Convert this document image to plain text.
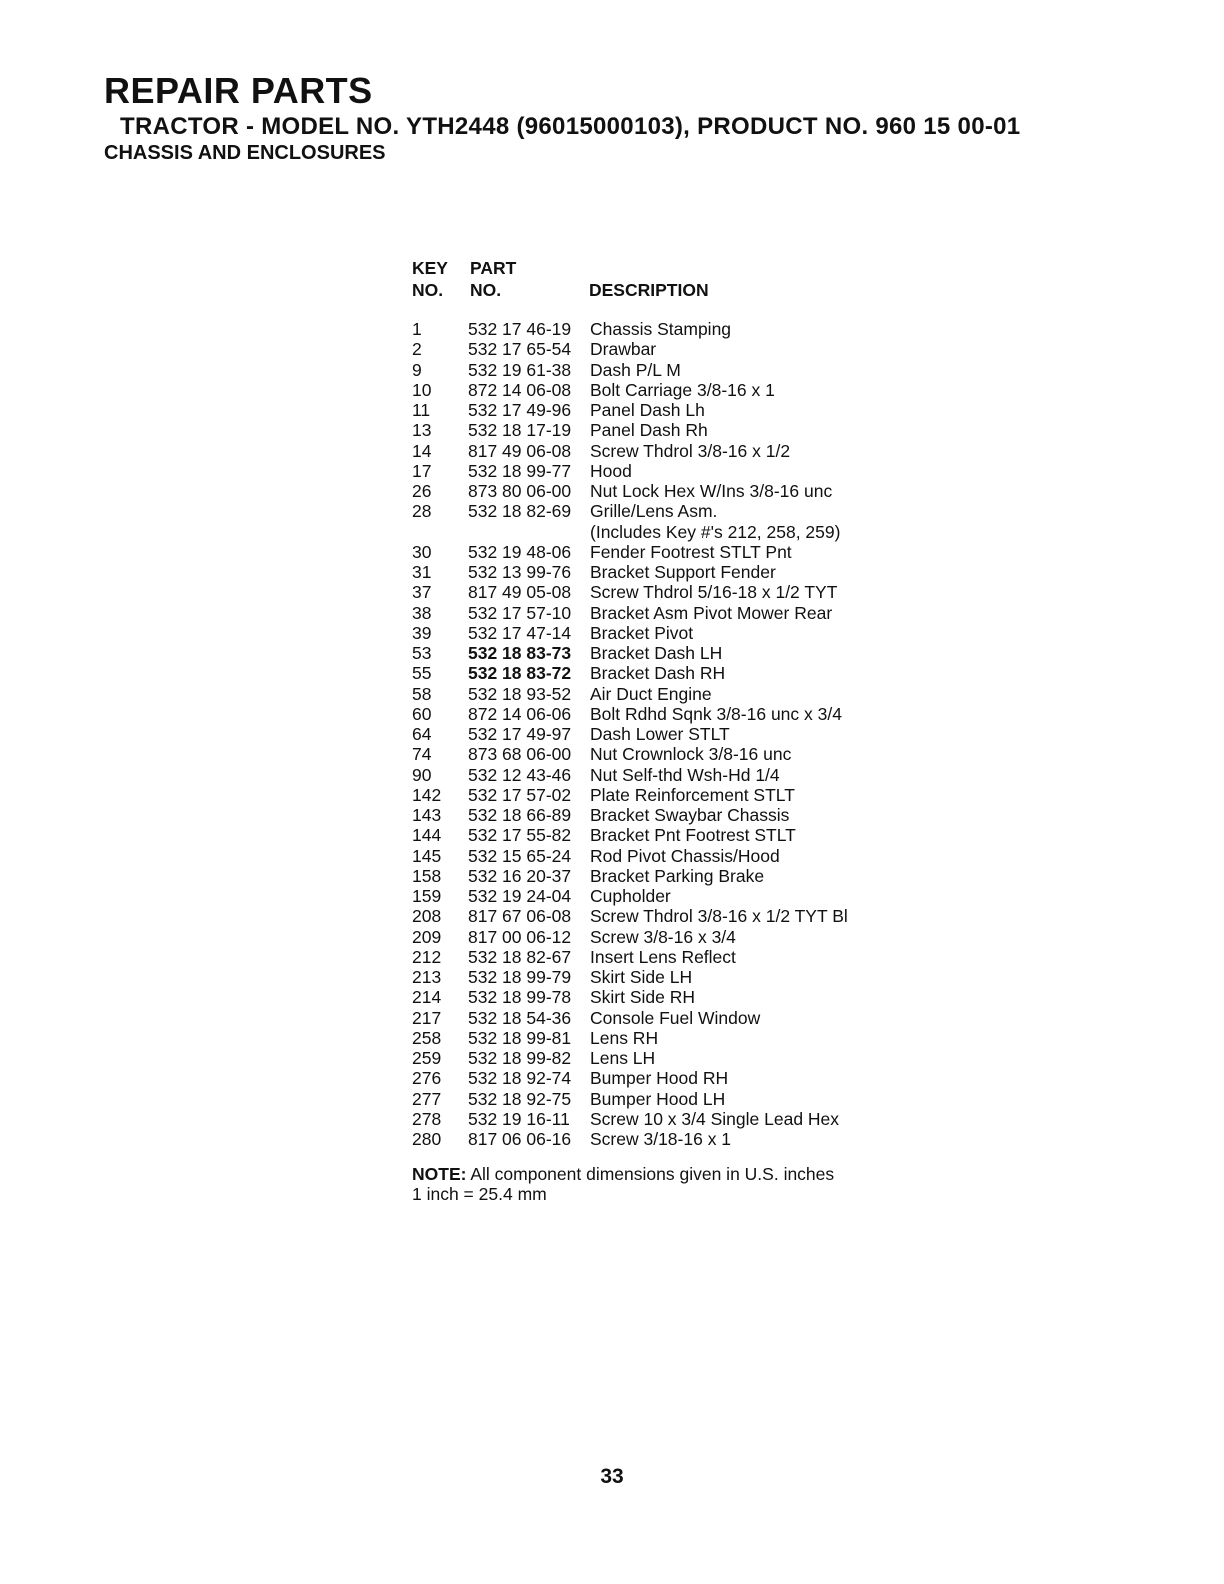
REPAIR PARTS
TRACTOR - MODEL NO. YTH2448 (96015000103), PRODUCT NO. 960 15 00-01
CHASSIS AND ENCLOSURES
KEY PART
NO. NO.	DESCRIPTION
1	532 17 46-19 Chassis Stamping
2	532 17 65-54 Drawbar
9	532 19 61-38 Dash P/L M
10 872 14 06-08 Bolt Carriage 3/8-16 x 1
11 532 17 49-96 Panel Dash Lh
13 532 18 17-19 Panel Dash Rh
14 817 49 06-08 Screw Thdrol 3/8-16 x 1/2
17 532 18 99-77 Hood
26 873 80 06-00 Nut Lock Hex W/Ins 3/8-16 unc
28 532 18 82-69 Grille/Lens Asm.
(Includes Key #'s 212, 258, 259)
30 532 19 48-06 Fender Footrest STLT Pnt
31 532 13 99-76 Bracket Support Fender
37 817 49 05-08 Screw Thdrol 5/16-18 x 1/2 TYT
38 532 17 57-10 Bracket Asm Pivot Mower Rear
39 532 17 47-14 Bracket Pivot
53 532 18 83-73 Bracket Dash LH
55 532 18 83-72 Bracket Dash RH
58 532 18 93-52 Air Duct Engine
60 872 14 06-06 Bolt Rdhd Sqnk 3/8-16 unc x 3/4
64 532 17 49-97 Dash Lower STLT
74 873 68 06-00 Nut Crownlock 3/8-16 unc
90 532 12 43-46 Nut Self-thd Wsh-Hd 1/4
142 532 17 57-02 Plate Reinforcement STLT
143 532 18 66-89 Bracket Swaybar Chassis
144 532 17 55-82 Bracket Pnt Footrest STLT
145 532 15 65-24 Rod Pivot Chassis/Hood
158 532 16 20-37 Bracket Parking Brake
159 532 19 24-04 Cupholder
208 817 67 06-08 Screw Thdrol 3/8-16 x 1/2 TYT Bl
209 817 00 06-12 Screw 3/8-16 x 3/4
212 532 18 82-67 Insert Lens Reflect
213 532 18 99-79 Skirt Side LH
214 532 18 99-78 Skirt Side RH
217 532 18 54-36 Console Fuel Window
258 532 18 99-81 Lens RH
259 532 18 99-82 Lens LH
276 532 18 92-74 Bumper Hood RH
277 532 18 92-75 Bumper Hood LH
278 532 19 16-11 Screw 10 x 3/4 Single Lead Hex
280 817 06 06-16 Screw 3/18-16 x 1
NOTE: All component dimensions given in U.S. inches
1 inch = 25.4 mm
33
